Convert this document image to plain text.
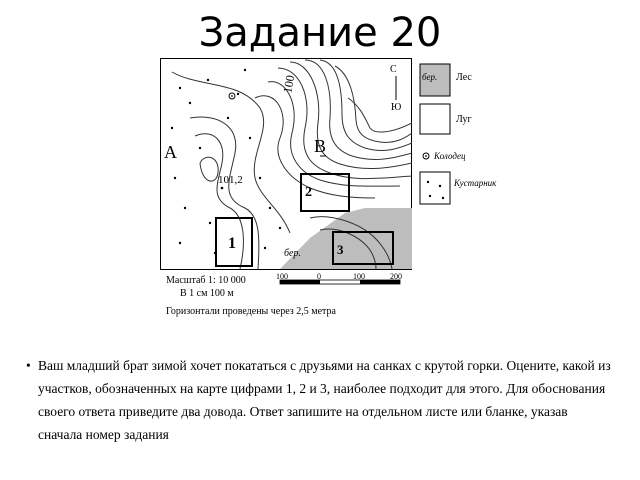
Задание 20
A	B
100
101,2
бер.
С
Ю
1
2
3
бер. Лес
Луг
Колодец
Кустарник
Масштаб 1: 10 000
В 1 см 100 м
100	0	100	200
Горизонтали проведены через 2,5 метра
• Ваш младший брат зимой хочет покататься с друзьями на санках с крутой горки. Оцените, какой из участков, обозначенных на карте цифрами 1, 2 и 3, наиболее подходит для этого. Для обоснования своего ответа приведите два довода. Ответ запишите на отдельном листе или бланке, указав сначала номер задания
